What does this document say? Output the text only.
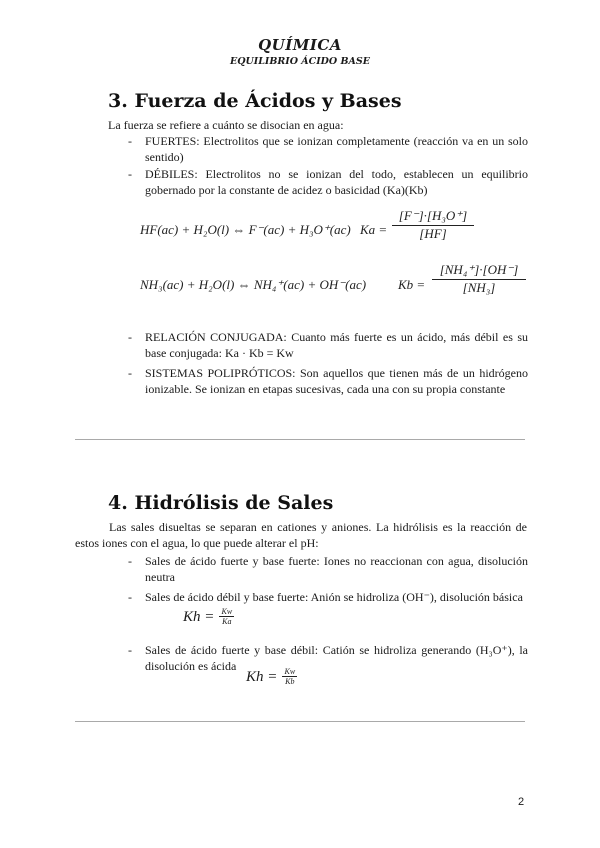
QUÍMICA
EQUILIBRIO ÁCIDO BASE
3. Fuerza de Ácidos y Bases
La fuerza se refiere a cuánto se disocian en agua:
- FUERTES: Electrolitos que se ionizan completamente (reacción va en un solo sentido)
- DÉBILES: Electrolitos no se ionizan del todo, establecen un equilibrio gobernado por la constante de acidez o basicidad (Ka)(Kb)
HF(ac) + H₂O(l) ⇔ F⁻(ac) + H₃O⁺(ac) $Ka = \frac{\text{[F⁻]·[H₃O⁺]}}{[HF]}$
NH₃(ac) + H₂O(l) ⇔ NH₄⁺(ac) + OH⁻(ac) $Kb = \frac{\text{[NH₄⁺]·[OH⁻]}}{\text{[NH₃]}}$
- RELACIÓN CONJUGADA: Cuanto más fuerte es un ácido, más débil es su base conjugada: Ka · Kb = Kw
- SISTEMAS POLIPRÓTICOS: Son aquellos que tienen más de un hidrógeno ionizable. Se ionizan en etapas sucesivas, cada una con su propia constante
4. Hidrólisis de Sales
Las sales disueltas se separan en cationes y aniones. La hidrólisis es la reacción de estos iones con el agua, lo que puede alterar el pH:
- Sales de ácido fuerte y base fuerte: Iones no reaccionan con agua, disolución neutra
- Sales de ácido débil y base fuerte: Anión se hidroliza (OH⁻), disolución básica
$Kh = \frac{Kw}{Ka}$
- Sales de ácido fuerte y base débil: Catión se hidroliza generando (H₃O⁺), la disolución es ácida
$Kh = \frac{Kw}{Kb}$
2
